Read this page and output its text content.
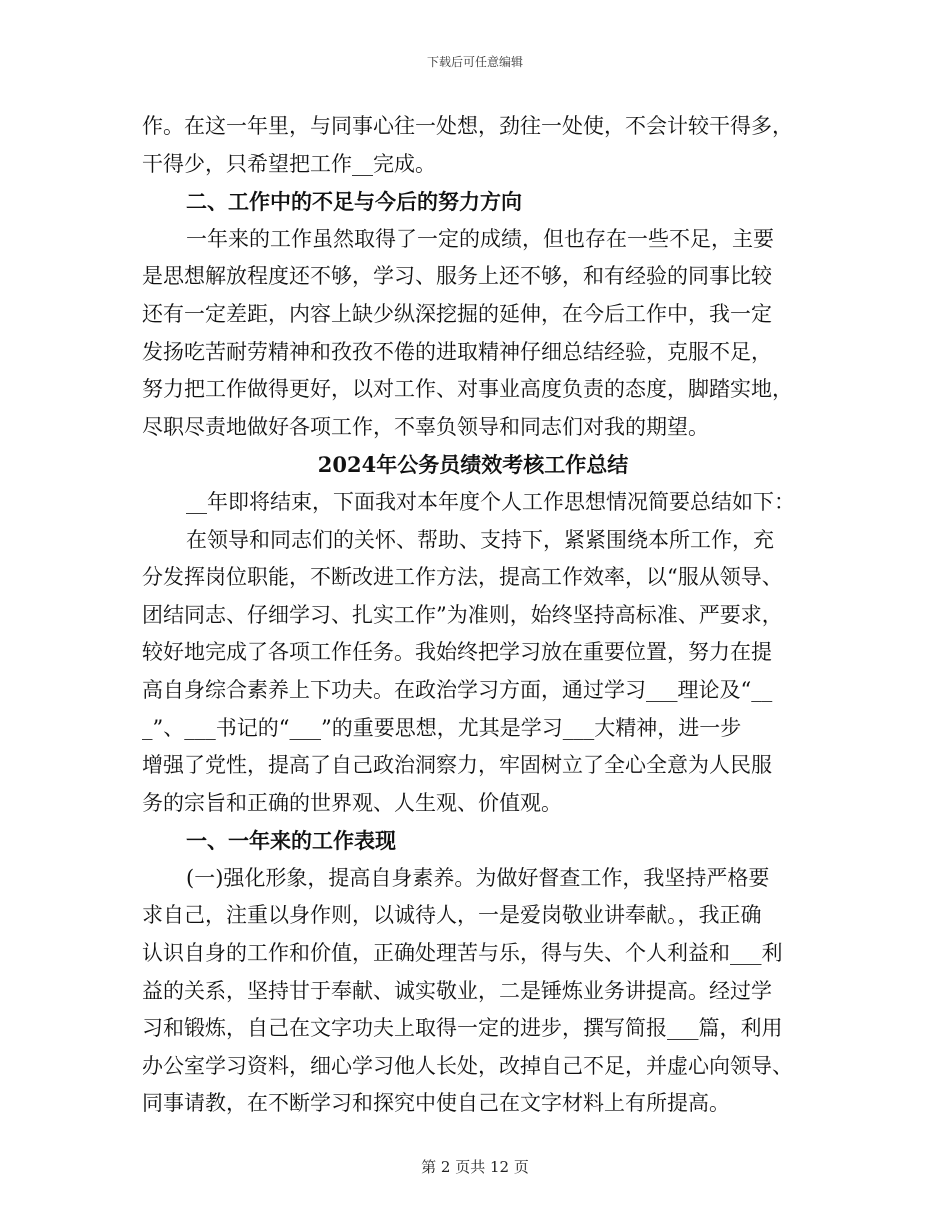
下载后可任意编辑
作。在这一年里，与同事心往一处想，劲往一处使，不会计较干得多，
干得少，只希望把工作__完成。
二、工作中的不足与今后的努力方向
一年来的工作虽然取得了一定的成绩，但也存在一些不足，主要
是思想解放程度还不够，学习、服务上还不够，和有经验的同事比较
还有一定差距，内容上缺少纵深挖掘的延伸，在今后工作中，我一定
发扬吃苦耐劳精神和孜孜不倦的进取精神仔细总结经验，克服不足，
努力把工作做得更好，以对工作、对事业高度负责的态度，脚踏实地，
尽职尽责地做好各项工作，不辜负领导和同志们对我的期望。
2024年公务员绩效考核工作总结
__年即将结束，下面我对本年度个人工作思想情况简要总结如下：
在领导和同志们的关怀、帮助、支持下，紧紧围绕本所工作，充
分发挥岗位职能，不断改进工作方法，提高工作效率，以“服从领导、
团结同志、仔细学习、扎实工作”为准则，始终坚持高标准、严要求，
较好地完成了各项工作任务。我始终把学习放在重要位置，努力在提
高自身综合素养上下功夫。在政治学习方面，通过学习___理论及“__
_”、___书记的“___”的重要思想，尤其是学习___大精神，进一步
增强了党性，提高了自己政治洞察力，牢固树立了全心全意为人民服
务的宗旨和正确的世界观、人生观、价值观。
一、一年来的工作表现
(一)强化形象，提高自身素养。为做好督查工作，我坚持严格要
求自己，注重以身作则，以诚待人，一是爱岗敬业讲奉献。，我正确
认识自身的工作和价值，正确处理苦与乐，得与失、个人利益和___利
益的关系，坚持甘于奉献、诚实敬业，二是锤炼业务讲提高。经过学
习和锻炼，自己在文字功夫上取得一定的进步，撰写简报___篇，利用
办公室学习资料，细心学习他人长处，改掉自己不足，并虚心向领导、
同事请教，在不断学习和探究中使自己在文字材料上有所提高。
第 2 页共 12 页
